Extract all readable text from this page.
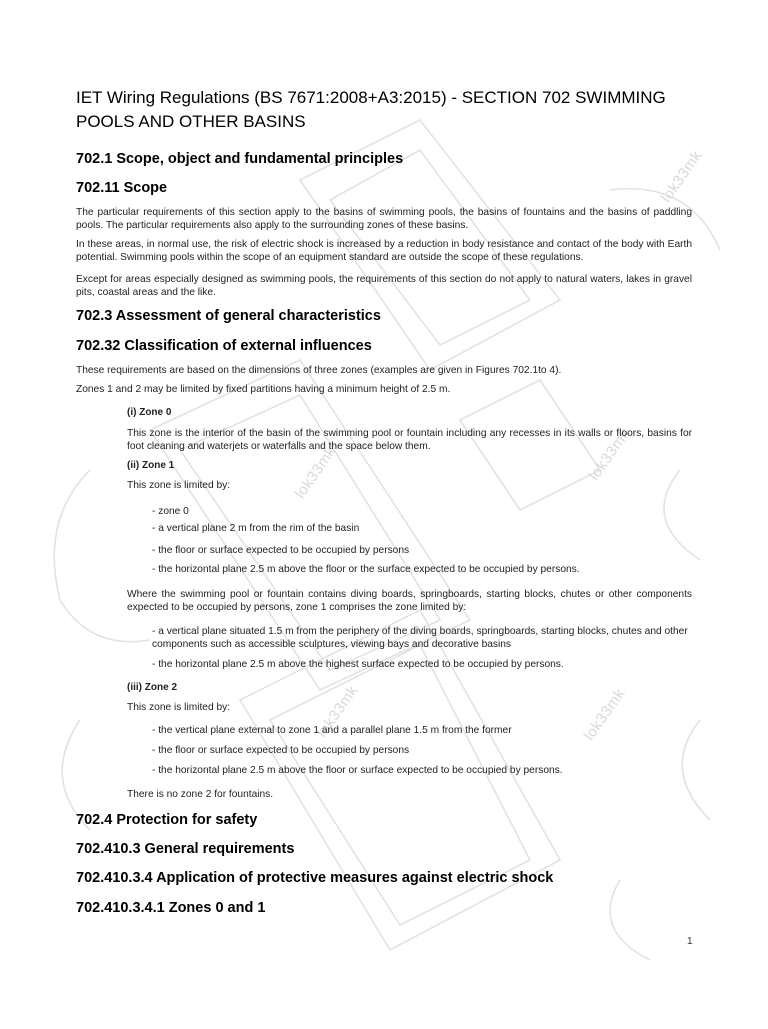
lok33mk
lok33mk
lok33mk
lok33mk	lok33mk
IET Wiring Regulations (BS 7671:2008+A3:2015) - SECTION 702 SWIMMING POOLS AND OTHER BASINS
702.1 Scope, object and fundamental principles
702.11 Scope

The particular requirements of this section apply to the basins of swimming pools, the basins of fountains and the basins of paddling pools. The particular requirements also apply to the surrounding zones of these basins.

In these areas, in normal use, the risk of electric shock is increased by a reduction in body resistance and contact of the body with Earth potential. Swimming pools within the scope of an equipment standard are outside the scope of these regulations.

Except for areas especially designed as swimming pools, the requirements of this section do not apply to natural waters, lakes in gravel pits, coastal areas and the like.

702.3 Assessment of general characteristics
702.32 Classification of external influences

These requirements are based on the dimensions of three zones (examples are given in Figures 702.1to 4).

Zones 1 and 2 may be limited by fixed partitions having a minimum height of 2.5 m.

(i) Zone 0

This zone is the interior of the basin of the swimming pool or fountain including any recesses in its walls or floors, basins for foot cleaning and waterjets or waterfalls and the space below them.

(ii) Zone 1

This zone is limited by:

- zone 0

- a vertical plane 2 m from the rim of the basin

- the floor or surface expected to be occupied by persons

- the horizontal plane 2.5 m above the floor or the surface expected to be occupied by persons.

Where the swimming pool or fountain contains diving boards, springboards, starting blocks, chutes or other components expected to be occupied by persons, zone 1 comprises the zone limited by:

- a vertical plane situated 1.5 m from the periphery of the diving boards, springboards, starting blocks, chutes and other components such as accessible sculptures, viewing bays and decorative basins

- the horizontal plane 2.5 m above the highest surface expected to be occupied by persons.

(iii) Zone 2

This zone is limited by:

- the vertical plane external to zone 1 and a parallel plane 1.5 m from the former

- the floor or surface expected to be occupied by persons

- the horizontal plane 2.5 m above the floor or surface expected to be occupied by persons.

There is no zone 2 for fountains.

702.4 Protection for safety
702.410.3 General requirements
702.410.3.4 Application of protective measures against electric shock
702.410.3.4.1 Zones 0 and 1
1
